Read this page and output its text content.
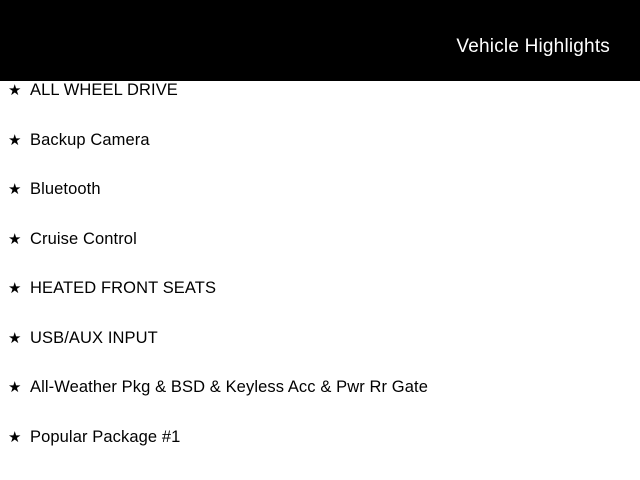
Vehicle Highlights
★ ALL WHEEL DRIVE
★ Backup Camera
★ Bluetooth
★ Cruise Control
★ HEATED FRONT SEATS
★ USB/AUX INPUT
★ All-Weather Pkg & BSD & Keyless Acc & Pwr Rr Gate
★ Popular Package #1
